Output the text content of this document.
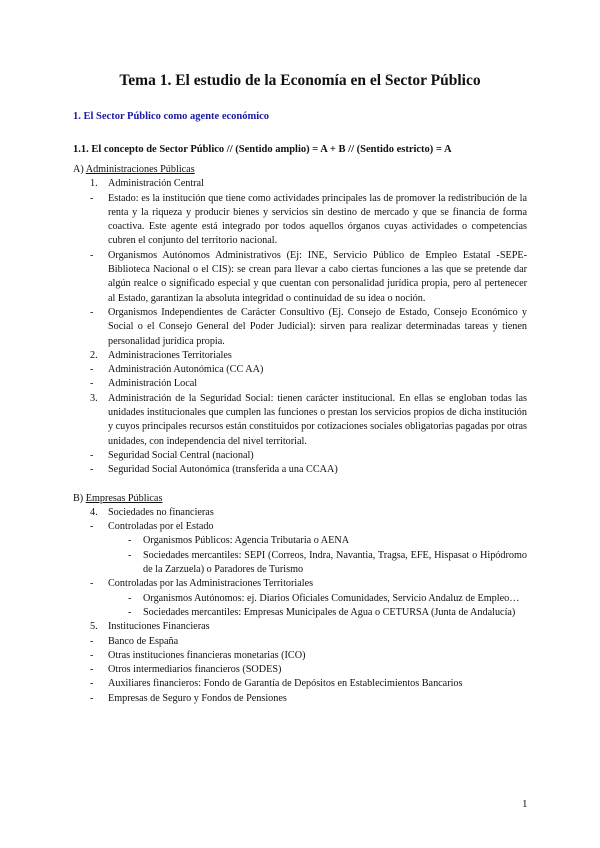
Tema 1. El estudio de la Economía en el Sector Público
1. El Sector Público como agente económico
1.1. El concepto de Sector Público // (Sentido amplio) = A + B // (Sentido estricto) = A

A) Administraciones Públicas

1.	Administración Central
-	Estado: es la institución que tiene como actividades principales las de promover la redistribución de la renta y la riqueza y producir bienes y servicios sin destino de mercado y que se financia de forma coactiva. Este agente está integrado por todos aquellos órganos cuyas actividades o competencias cubren el conjunto del territorio nacional.
-	Organismos Autónomos Administrativos (Ej: INE, Servicio Público de Empleo Estatal -SEPE- Biblioteca Nacional o el CIS): se crean para llevar a cabo ciertas funciones a las que se pretende dar algún realce o significado especial y que cuentan con personalidad jurídica propia, pero al pertenecer al Estado, garantizan la absoluta integridad o continuidad de su idea o noción.
-	Organismos Independientes de Carácter Consultivo (Ej. Consejo de Estado, Consejo Económico y Social o el Consejo General del Poder Judicial): sirven para realizar determinadas tareas y tienen personalidad jurídica propia.
2.	Administraciones Territoriales
-	Administración Autonómica (CC AA)
-	Administración Local
3.	Administración de la Seguridad Social: tienen carácter institucional. En ellas se engloban todas las unidades institucionales que cumplen las funciones o prestan los servicios propios de dicha institución y cuyos principales recursos están constituidos por cotizaciones sociales obligatorias pagadas por otras unidades, con independencia del nivel territorial.
-	Seguridad Social Central (nacional)
-	Seguridad Social Autonómica (transferida a una CCAA)

B) Empresas Públicas

4.	Sociedades no financieras
-	Controladas por el Estado
-	Organismos Públicos: Agencia Tributaria o AENA
-	Sociedades mercantiles: SEPI (Correos, Indra, Navantia, Tragsa, EFE, Hispasat o Hipódromo de la Zarzuela) o Paradores de Turismo
-	Controladas por las Administraciones Territoriales
-	Organismos Autónomos: ej. Diarios Oficiales Comunidades, Servicio Andaluz de Empleo…
-	Sociedades mercantiles: Empresas Municipales de Agua o CETURSA (Junta de Andalucía)
5.	Instituciones Financieras
-	Banco de España
-	Otras instituciones financieras monetarias (ICO)
-	Otros intermediarios financieros (SODES)
-	Auxiliares financieros: Fondo de Garantía de Depósitos en Establecimientos Bancarios
-	Empresas de Seguro y Fondos de Pensiones
1
